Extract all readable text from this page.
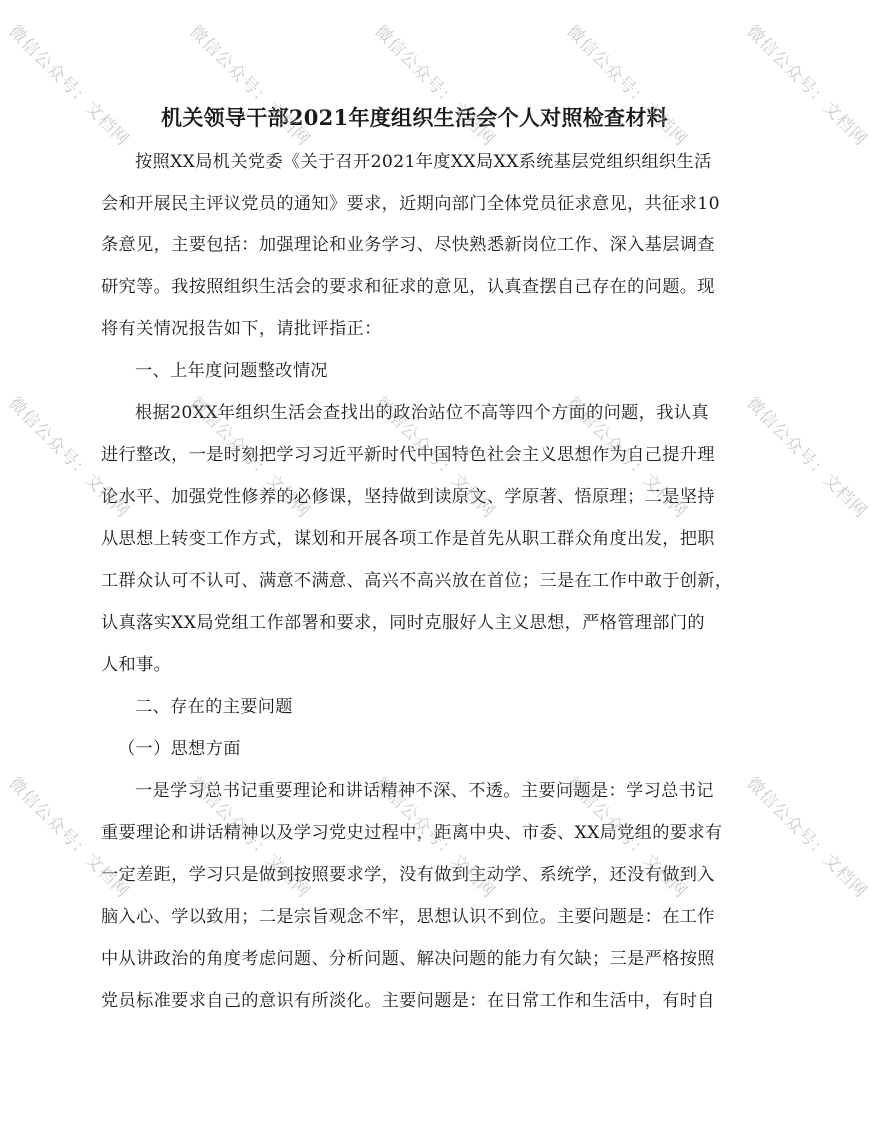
机关领导干部2021年度组织生活会个人对照检查材料
按照XX局机关党委《关于召开2021年度XX局XX系统基层党组织组织生活
会和开展民主评议党员的通知》要求，近期向部门全体党员征求意见，共征求10
条意见，主要包括：加强理论和业务学习、尽快熟悉新岗位工作、深入基层调查
研究等。我按照组织生活会的要求和征求的意见，认真查摆自己存在的问题。现
将有关情况报告如下，请批评指正：
一、上年度问题整改情况
根据20XX年组织生活会查找出的政治站位不高等四个方面的问题，我认真
进行整改，一是时刻把学习习近平新时代中国特色社会主义思想作为自己提升理
论水平、加强党性修养的必修课，坚持做到读原文、学原著、悟原理；二是坚持
从思想上转变工作方式，谋划和开展各项工作是首先从职工群众角度出发，把职
工群众认可不认可、满意不满意、高兴不高兴放在首位；三是在工作中敢于创新，
认真落实XX局党组工作部署和要求，同时克服好人主义思想，严格管理部门的
人和事。
二、存在的主要问题
（一）思想方面
一是学习总书记重要理论和讲话精神不深、不透。主要问题是：学习总书记
重要理论和讲话精神以及学习党史过程中，距离中央、市委、XX局党组的要求有
一定差距，学习只是做到按照要求学，没有做到主动学、系统学，还没有做到入
脑入心、学以致用；二是宗旨观念不牢，思想认识不到位。主要问题是：在工作
中从讲政治的角度考虑问题、分析问题、解决问题的能力有欠缺；三是严格按照
党员标准要求自己的意识有所淡化。主要问题是：在日常工作和生活中，有时自
微信公众号：文档网
微信公众号：文档网
微信公众号：文档网
微信公众号：文档网
微信公众号：文档网
微信公众号：文档网
微信公众号：文档网
微信公众号：文档网
微信公众号：文档网
微信公众号：文档网
微信公众号：文档网
微信公众号：文档网
微信公众号：文档网
微信公众号：文档网
微信公众号：文档网
